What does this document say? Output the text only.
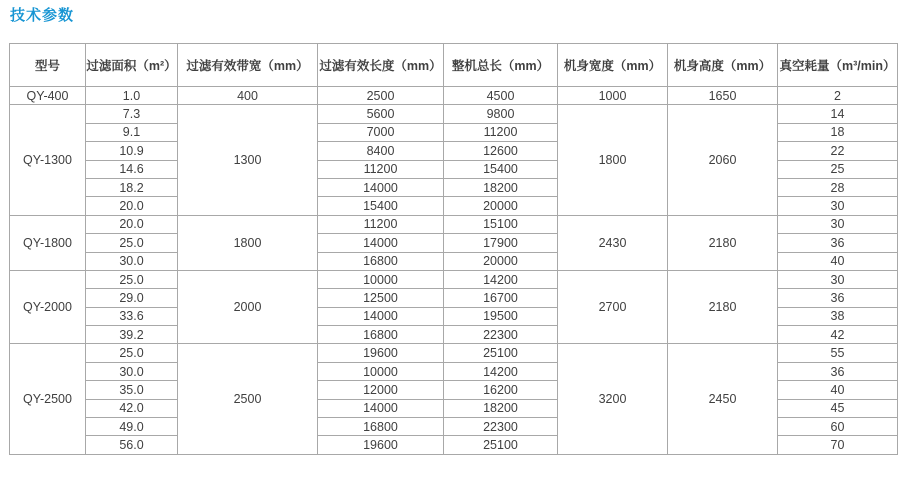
技术参数
型号	过滤面积（m²）	过滤有效带宽（mm）	过滤有效长度（mm）	整机总长（mm）	机身宽度（mm）	机身高度（mm）	真空耗量（m³/min）
QY-400	1.0	400	2500	4500	1000	1650	2
QY-1300	7.3	1300	5600	9800	1800	2060	14
	9.1		7000	11200			18
	10.9		8400	12600			22
	14.6		11200	15400			25
	18.2		14000	18200			28
	20.0		15400	20000			30
QY-1800	20.0	1800	11200	15100	2430	2180	30
	25.0		14000	17900			36
	30.0		16800	20000			40
QY-2000	25.0	2000	10000	14200	2700	2180	30
	29.0		12500	16700			36
	33.6		14000	19500			38
	39.2		16800	22300			42
QY-2500	25.0	2500	19600	25100	3200	2450	55
	30.0		10000	14200			36
	35.0		12000	16200			40
	42.0		14000	18200			45
	49.0		16800	22300			60
	56.0		19600	25100			70
